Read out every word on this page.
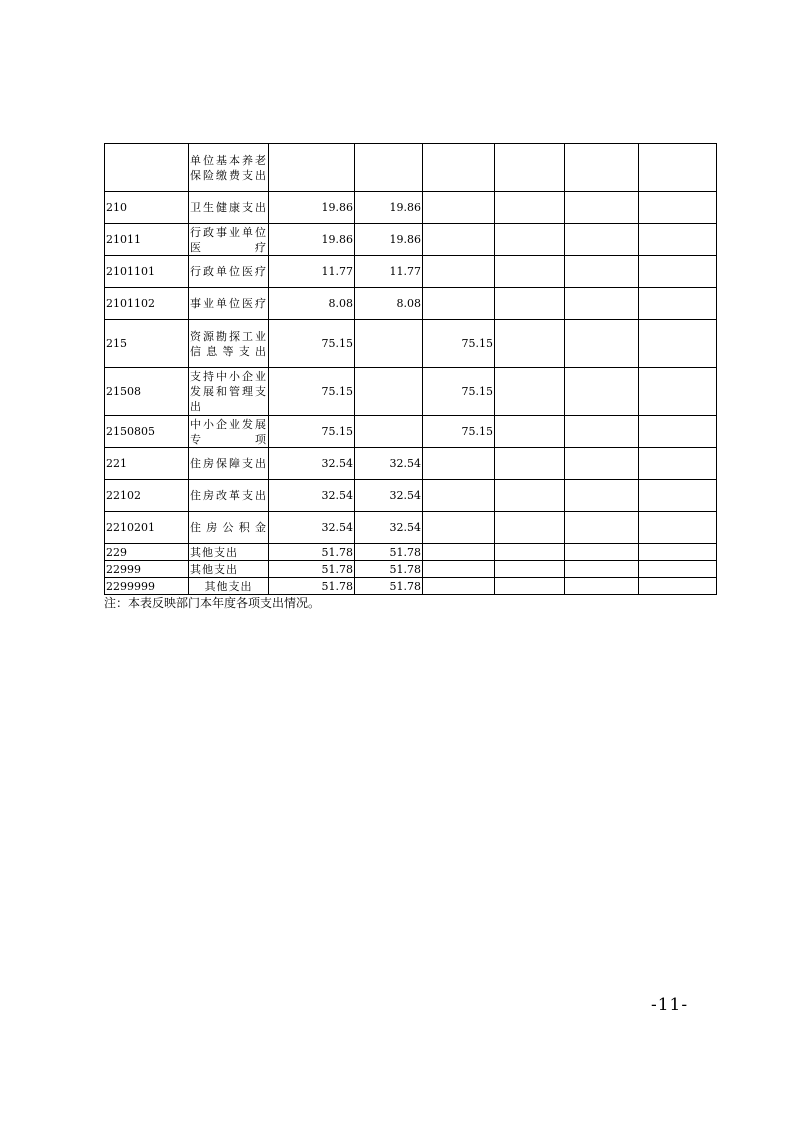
	单位基本养老保险缴费支出						
210	卫生健康支出	19.86	19.86				
21011	行政事业单位医疗	19.86	19.86				
2101101	行政单位医疗	11.77	11.77				
2101102	事业单位医疗	8.08	8.08				
215	资源勘探工业信息等支出	75.15		75.15			
21508	支持中小企业发展和管理支出	75.15		75.15			
2150805	中小企业发展专项	75.15		75.15			
221	住房保障支出	32.54	32.54				
22102	住房改革支出	32.54	32.54				
2210201	住房公积金	32.54	32.54				
229	其他支出	51.78	51.78				
22999	其他支出	51.78	51.78				
2299999	其他支出	51.78	51.78				
注：本表反映部门本年度各项支出情况。
-11-
